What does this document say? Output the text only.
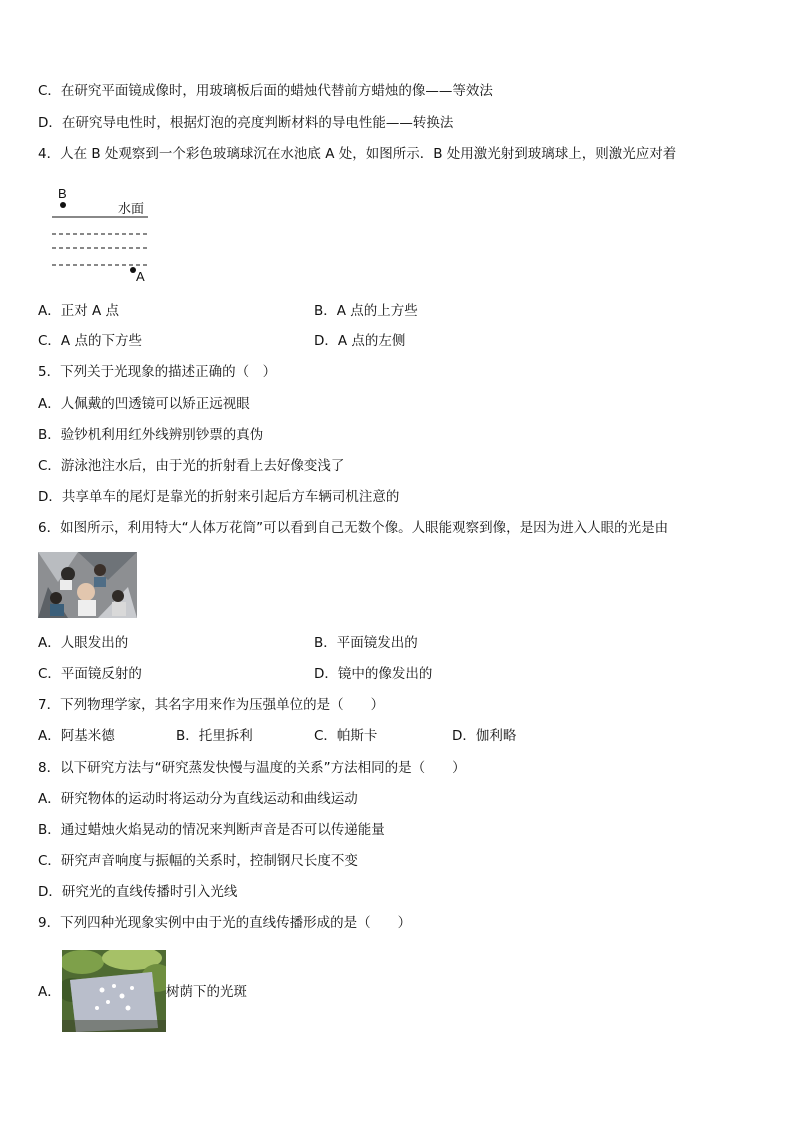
C．在研究平面镜成像时，用玻璃板后面的蜡烛代替前方蜡烛的像——等效法
D．在研究导电性时，根据灯泡的亮度判断材料的导电性能——转换法
4．人在 B 处观察到一个彩色玻璃球沉在水池底 A 处，如图所示．B 处用激光射到玻璃球上，则激光应对着
B
水面
A
A．正对 A 点	B．A 点的上方些
C．A 点的下方些	D．A 点的左侧
5．下列关于光现象的描述正确的（　）
A．人佩戴的凹透镜可以矫正远视眼
B．验钞机利用红外线辨别钞票的真伪
C．游泳池注水后，由于光的折射看上去好像变浅了
D．共享单车的尾灯是靠光的折射来引起后方车辆司机注意的
6．如图所示，利用特大“人体万花筒”可以看到自己无数个像。人眼能观察到像，是因为进入人眼的光是由
A．人眼发出的	B．平面镜发出的
C．平面镜反射的	D．镜中的像发出的
7．下列物理学家，其名字用来作为压强单位的是（　　）
A．阿基米德	B．托里拆利	C．帕斯卡	D．伽利略
8．以下研究方法与“研究蒸发快慢与温度的关系”方法相同的是（　　）
A．研究物体的运动时将运动分为直线运动和曲线运动
B．通过蜡烛火焰晃动的情况来判断声音是否可以传递能量
C．研究声音响度与振幅的关系时，控制钢尺长度不变
D．研究光的直线传播时引入光线
9．下列四种光现象实例中由于光的直线传播形成的是（　　）
A．	树荫下的光斑
